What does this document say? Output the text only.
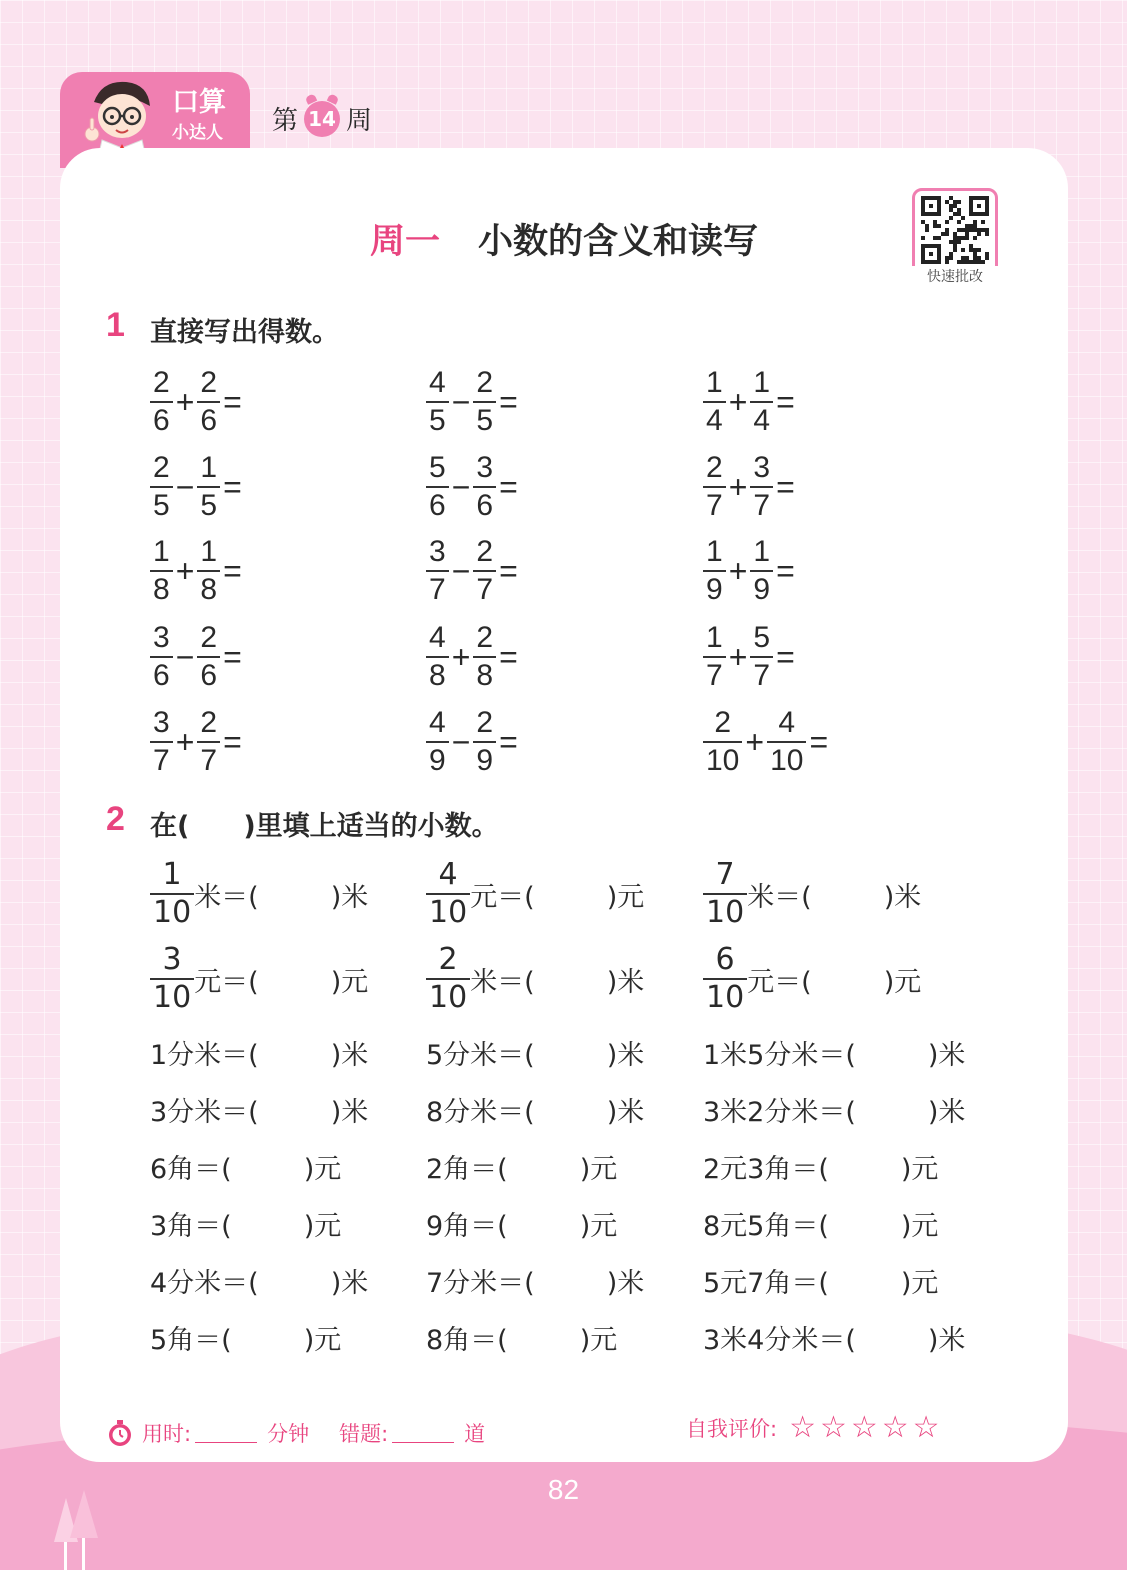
口算
小达人 第 14 周
周一 小数的含义和读写
快速批改
1 直接写出得数。
$\frac{2}{6} + \frac{2}{6}$ =	$\frac{4}{5} - \frac{2}{5}$ =	$\frac{1}{4} + \frac{1}{4}$ =
$\frac{2}{5} - \frac{1}{5}$ =	$\frac{5}{6} - \frac{3}{6}$ =	$\frac{2}{7} + \frac{3}{7}$ =
$\frac{1}{8} + \frac{1}{8}$ =	$\frac{3}{7} - \frac{2}{7}$ =	$\frac{1}{9} + \frac{1}{9}$ =
$\frac{3}{6} - \frac{2}{6}$ =	$\frac{4}{8} + \frac{2}{8}$ =	$\frac{1}{7} + \frac{5}{7}$ =
$\frac{3}{7} + \frac{2}{7}$ =	$\frac{4}{9} - \frac{2}{9}$ =	$\frac{2}{10} + \frac{4}{10}$ =
2 在(　　)里填上适当的小数。
$\frac{1}{10}$ 米＝(	)米 $\frac{4}{10}$ 元＝(	)元 $\frac{7}{10}$ 米＝(	)米
$\frac{3}{10}$ 元＝(	)元 $\frac{2}{10}$ 米＝(	)米 $\frac{6}{10}$ 元＝(	)元
1分米＝(	)米 5分米＝(	)米 1米5分米＝(	)米
3分米＝(	)米 8分米＝(	)米 3米2分米＝(	)米
6角＝(	)元	2角＝(	)元	2元3角＝(	)元
3角＝(	)元	9角＝(	)元	8元5角＝(	)元
4分米＝(	)米 7分米＝(	)米 5元7角＝(	)元
5角＝(	)元	8角＝(	)元	3米4分米＝(	)米
用时:	分钟 错题:	道	自我评价: ☆☆☆☆☆
82
